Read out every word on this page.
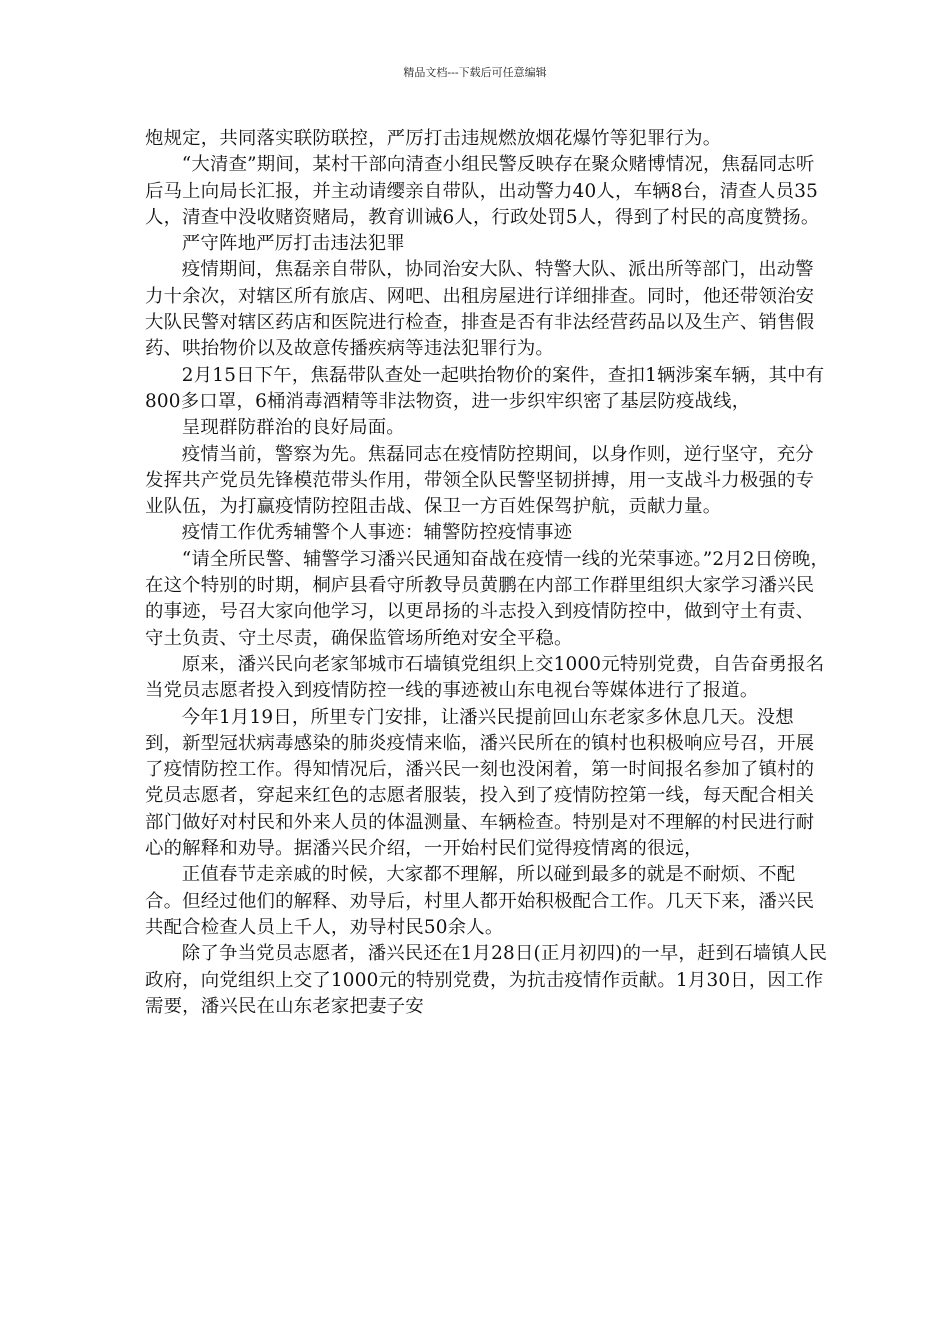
精品文档---下载后可任意编辑

炮规定，共同落实联防联控，严厉打击违规燃放烟花爆竹等犯罪行为。

“大清查”期间，某村干部向清查小组民警反映存在聚众赌博情况，焦磊同志听后马上向局长汇报，并主动请缨亲自带队，出动警力40人，车辆8台，清查人员35人，清查中没收赌资赌局，教育训诫6人，行政处罚5人，得到了村民的高度赞扬。

严守阵地严厉打击违法犯罪

疫情期间，焦磊亲自带队，协同治安大队、特警大队、派出所等部门，出动警力十余次，对辖区所有旅店、网吧、出租房屋进行详细排查。同时，他还带领治安大队民警对辖区药店和医院进行检查，排查是否有非法经营药品以及生产、销售假药、哄抬物价以及故意传播疾病等违法犯罪行为。

2月15日下午，焦磊带队查处一起哄抬物价的案件，查扣1辆涉案车辆，其中有800多口罩，6桶消毒酒精等非法物资，进一步织牢织密了基层防疫战线，

呈现群防群治的良好局面。

疫情当前，警察为先。焦磊同志在疫情防控期间，以身作则，逆行坚守，充分发挥共产党员先锋模范带头作用，带领全队民警坚韧拼搏，用一支战斗力极强的专业队伍，为打赢疫情防控阻击战、保卫一方百姓保驾护航，贡献力量。

疫情工作优秀辅警个人事迹：辅警防控疫情事迹

“请全所民警、辅警学习潘兴民通知奋战在疫情一线的光荣事迹。”2月2日傍晚，在这个特别的时期，桐庐县看守所教导员黄鹏在内部工作群里组织大家学习潘兴民的事迹，号召大家向他学习，以更昂扬的斗志投入到疫情防控中，做到守土有责、守土负责、守土尽责，确保监管场所绝对安全平稳。

原来，潘兴民向老家邹城市石墙镇党组织上交1000元特别党费，自告奋勇报名当党员志愿者投入到疫情防控一线的事迹被山东电视台等媒体进行了报道。

今年1月19日，所里专门安排，让潘兴民提前回山东老家多休息几天。没想到，新型冠状病毒感染的肺炎疫情来临，潘兴民所在的镇村也积极响应号召，开展了疫情防控工作。得知情况后，潘兴民一刻也没闲着，第一时间报名参加了镇村的党员志愿者，穿起来红色的志愿者服装，投入到了疫情防控第一线，每天配合相关部门做好对村民和外来人员的体温测量、车辆检查。特别是对不理解的村民进行耐心的解释和劝导。据潘兴民介绍，一开始村民们觉得疫情离的很远，

正值春节走亲戚的时候，大家都不理解，所以碰到最多的就是不耐烦、不配合。但经过他们的解释、劝导后，村里人都开始积极配合工作。几天下来，潘兴民共配合检查人员上千人，劝导村民50余人。

除了争当党员志愿者，潘兴民还在1月28日(正月初四)的一早，赶到石墙镇人民政府，向党组织上交了1000元的特别党费，为抗击疫情作贡献。1月30日，因工作需要，潘兴民在山东老家把妻子安
